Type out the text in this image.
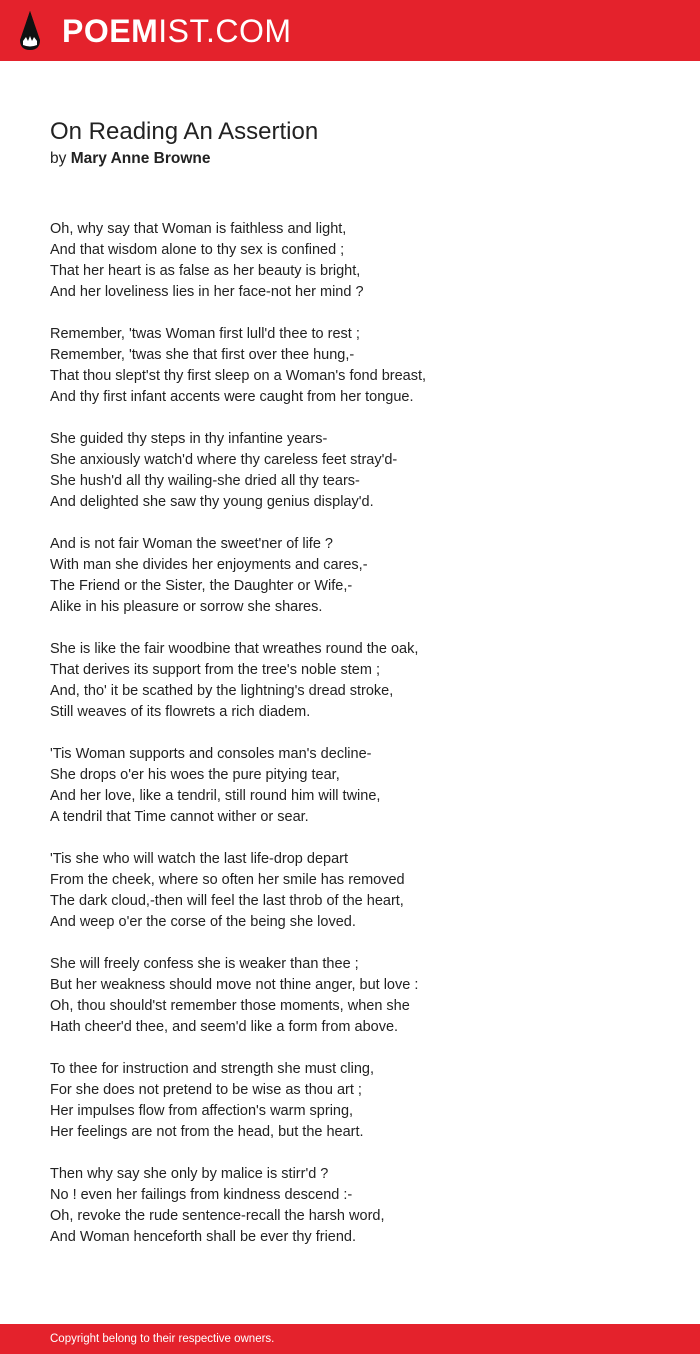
POEMIST.COM
On Reading An Assertion
by Mary Anne Browne
Oh, why say that Woman is faithless and light,
And that wisdom alone to thy sex is confined ;
That her heart is as false as her beauty is bright,
And her loveliness lies in her face-not her mind ?
Remember, 'twas Woman first lull'd thee to rest ;
Remember, 'twas she that first over thee hung,-
That thou slept'st thy first sleep on a Woman's fond breast,
And thy first infant accents were caught from her tongue.
She guided thy steps in thy infantine years-
She anxiously watch'd where thy careless feet stray'd-
She hush'd all thy wailing-she dried all thy tears-
And delighted she saw thy young genius display'd.
And is not fair Woman the sweet'ner of life ?
With man she divides her enjoyments and cares,-
The Friend or the Sister, the Daughter or Wife,-
Alike in his pleasure or sorrow she shares.
She is like the fair woodbine that wreathes round the oak,
That derives its support from the tree's noble stem ;
And, tho' it be scathed by the lightning's dread stroke,
Still weaves of its flowrets a rich diadem.
'Tis Woman supports and consoles man's decline-
She drops o'er his woes the pure pitying tear,
And her love, like a tendril, still round him will twine,
A tendril that Time cannot wither or sear.
'Tis she who will watch the last life-drop depart
From the cheek, where so often her smile has removed
The dark cloud,-then will feel the last throb of the heart,
And weep o'er the corse of the being she loved.
She will freely confess she is weaker than thee ;
But her weakness should move not thine anger, but love :
Oh, thou should'st remember those moments, when she
Hath cheer'd thee, and seem'd like a form from above.
To thee for instruction and strength she must cling,
For she does not pretend to be wise as thou art ;
Her impulses flow from affection's warm spring,
Her feelings are not from the head, but the heart.
Then why say she only by malice is stirr'd ?
No ! even her failings from kindness descend :-
Oh, revoke the rude sentence-recall the harsh word,
And Woman henceforth shall be ever thy friend.
Copyright belong to their respective owners.
